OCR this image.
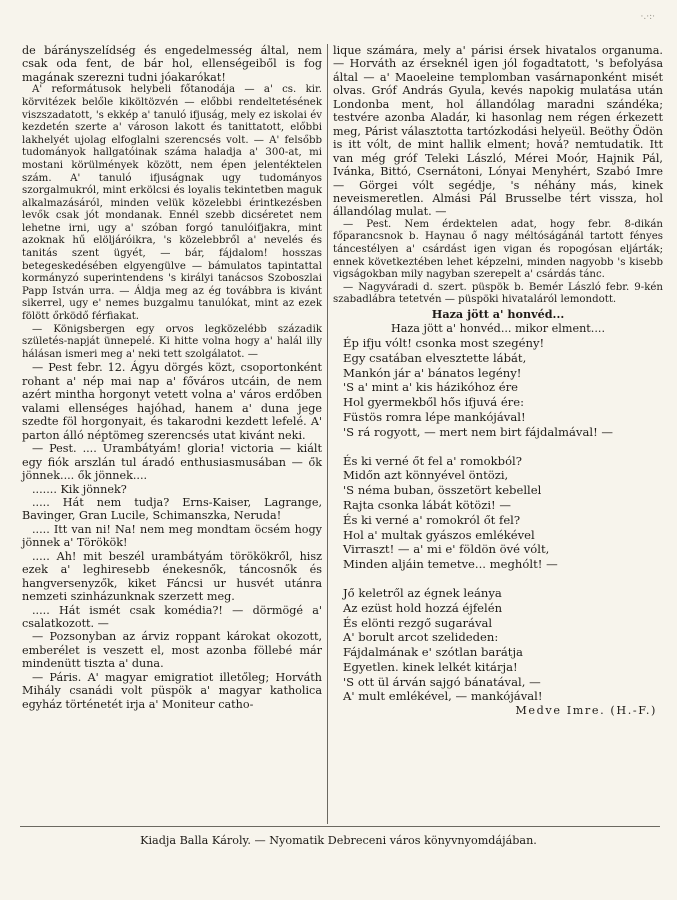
·.·:·

de bárányszelídség és engedelmesség által, nem csak oda fent, de bár hol, ellenségeiből is fog magának szerezni tudni jóakarókat!

A' reformátusok helybeli főtanodája — a' cs. kir. körvitézek belőle kiköltözvén — előbbi rendeltetésének viszszadatott, 's ekkép a' tanuló ifjuság, mely ez iskolai év kezdetén szerte a' városon lakott és tanittatott, előbbi lakhelyét ujolag elfoglalni szerencsés volt. — A' felsőbb tudományok hallgatóinak száma haladja a' 300-at, mi mostani körülmények között, nem épen jelentéktelen szám. A' tanuló ifjuságnak ugy tudományos szorgalmukról, mint erkölcsi és loyalis tekintetben maguk alkalmazásáról, minden velük közelebbi érintkezésben levők csak jót mondanak. Ennél szebb dicséretet nem lehetne irni, ugy a' szóban forgó tanulóifjakra, mint azoknak hű elöljáróikra, 's közelebbről a' nevelés és tanitás szent ügyét, — bár, fájdalom! hosszas betegeskedésében elgyengülve — bámulatos tapintattal kormányzó superintendens 's királyi tanácsos Szoboszlai Papp István urra. — Áldja meg az ég továbbra is kivánt sikerrel, ugy e' nemes buzgalmu tanulókat, mint az ezek fölött őrködő férfiakat.

— Königsbergen egy orvos legközelébb századik születés-napját ünnepelé. Ki hitte volna hogy a' halál illy hálásan ismeri meg a' neki tett szolgálatot. —

— Pest febr. 12. Ágyu dörgés közt, csoportonként rohant a' nép mai nap a' főváros utcáin, de nem azért mintha horgonyt vetett volna a' város erdőben valami ellenséges hajóhad, hanem a' duna jege szedte föl horgonyait, és takarodni kezdett lefelé. A' parton álló néptömeg szerencsés utat kivánt neki.

— Pest. .... Urambátyám! gloria! victoria — kiált egy fiók arszlán tul áradó enthusiasmusában — ők jönnek.... ők jönnek....

....... Kik jönnek?

..... Hát nem tudja? Erns-Kaiser, Lagrange, Bavinger, Gran Lucile, Schimanszka, Neruda!

..... Itt van ni! Na! nem meg mondtam öcsém hogy jönnek a' Törökök!

..... Ah! mit beszél urambátyám törökökről, hisz ezek a' leghiresebb énekesnők, táncosnők és hangversenyzők, kiket Fáncsi ur husvét utánra nemzeti szinházunknak szerzett meg.

..... Hát ismét csak komédia?! — dörmögé a' csalatkozott. —

— Pozsonyban az árviz roppant károkat okozott, emberélet is veszett el, most azonba föllebé már mindenütt tiszta a' duna.

— Páris. A' magyar emigratiot illetőleg; Horváth Mihály csanádi volt püspök a' magyar katholica egyház történetét irja a' Moniteur catho-

lique számára, mely a' párisi érsek hivatalos organuma. — Horváth az érseknél igen jól fogadtatott, 's befolyása által — a' Maoeleine templomban vasárnaponként misét olvas. Gróf András Gyula, kevés napokig mulatása után Londonba ment, hol állandólag maradni szándéka; testvére azonba Aladár, ki hasonlag nem régen érkezett meg, Párist választotta tartózkodási helyeül. Beöthy Ödön is itt vólt, de mint hallik elment; hová? nemtudatik. Itt van még gróf Teleki László, Mérei Moór, Hajnik Pál, Ivánka, Bittó, Csernátoni, Lónyai Menyhért, Szabó Imre — Görgei vólt segédje, 's néhány más, kinek neveismeretlen. Almási Pál Brusselbe tért vissza, hol állandólag mulat. —

— Pest. Nem érdektelen adat, hogy febr. 8-dikán főparancsnok b. Haynau ő nagy méltóságánál tartott fényes táncestélyen a' csárdást igen vigan és ropogósan eljárták; ennek következtében lehet képzelni, minden nagyobb 's kisebb vigságokban mily nagyban szerepelt a' csárdás tánc.

— Nagyváradi d. szert. püspök b. Bemér László febr. 9-kén szabadlábra tetetvén — püspöki hivataláról lemondott.

Haza jött a' honvéd...

Haza jött a' honvéd... mikor elment....

Ép ifju vólt! csonka most szegény!
Egy csatában elvesztette lábát,
Mankón jár a' bánatos legény!
'S a' mint a' kis házikóhoz ére
Hol gyermekből hős ifjuvá ére:
Füstös romra lépe mankójával!
'S rá rogyott, — mert nem birt fájdalmával! —
És ki verné őt fel a' romokból?
Midőn azt könnyével öntözi,
'S néma buban, összetört kebellel
Rajta csonka lábát kötözi! —
És ki verné a' romokról őt fel?
Hol a' multak gyászos emlékével
Virraszt! — a' mi e' földön övé vólt,
Minden aljáin temetve... meghólt! —
Jő keletről az égnek leánya
Az ezüst hold hozzá éjfelén
És elönti rezgő sugarával
A' borult arcot szelideden:
Fájdalmának e' szótlan barátja
Egyetlen. kinek lelkét kitárja!
'S ott ül árván sajgó bánatával, —
A' mult emlékével, — mankójával!

Medve Imre. (H.-F.)

Kiadja Balla Károly. — Nyomatik Debreceni város könyvnyomdájában.
